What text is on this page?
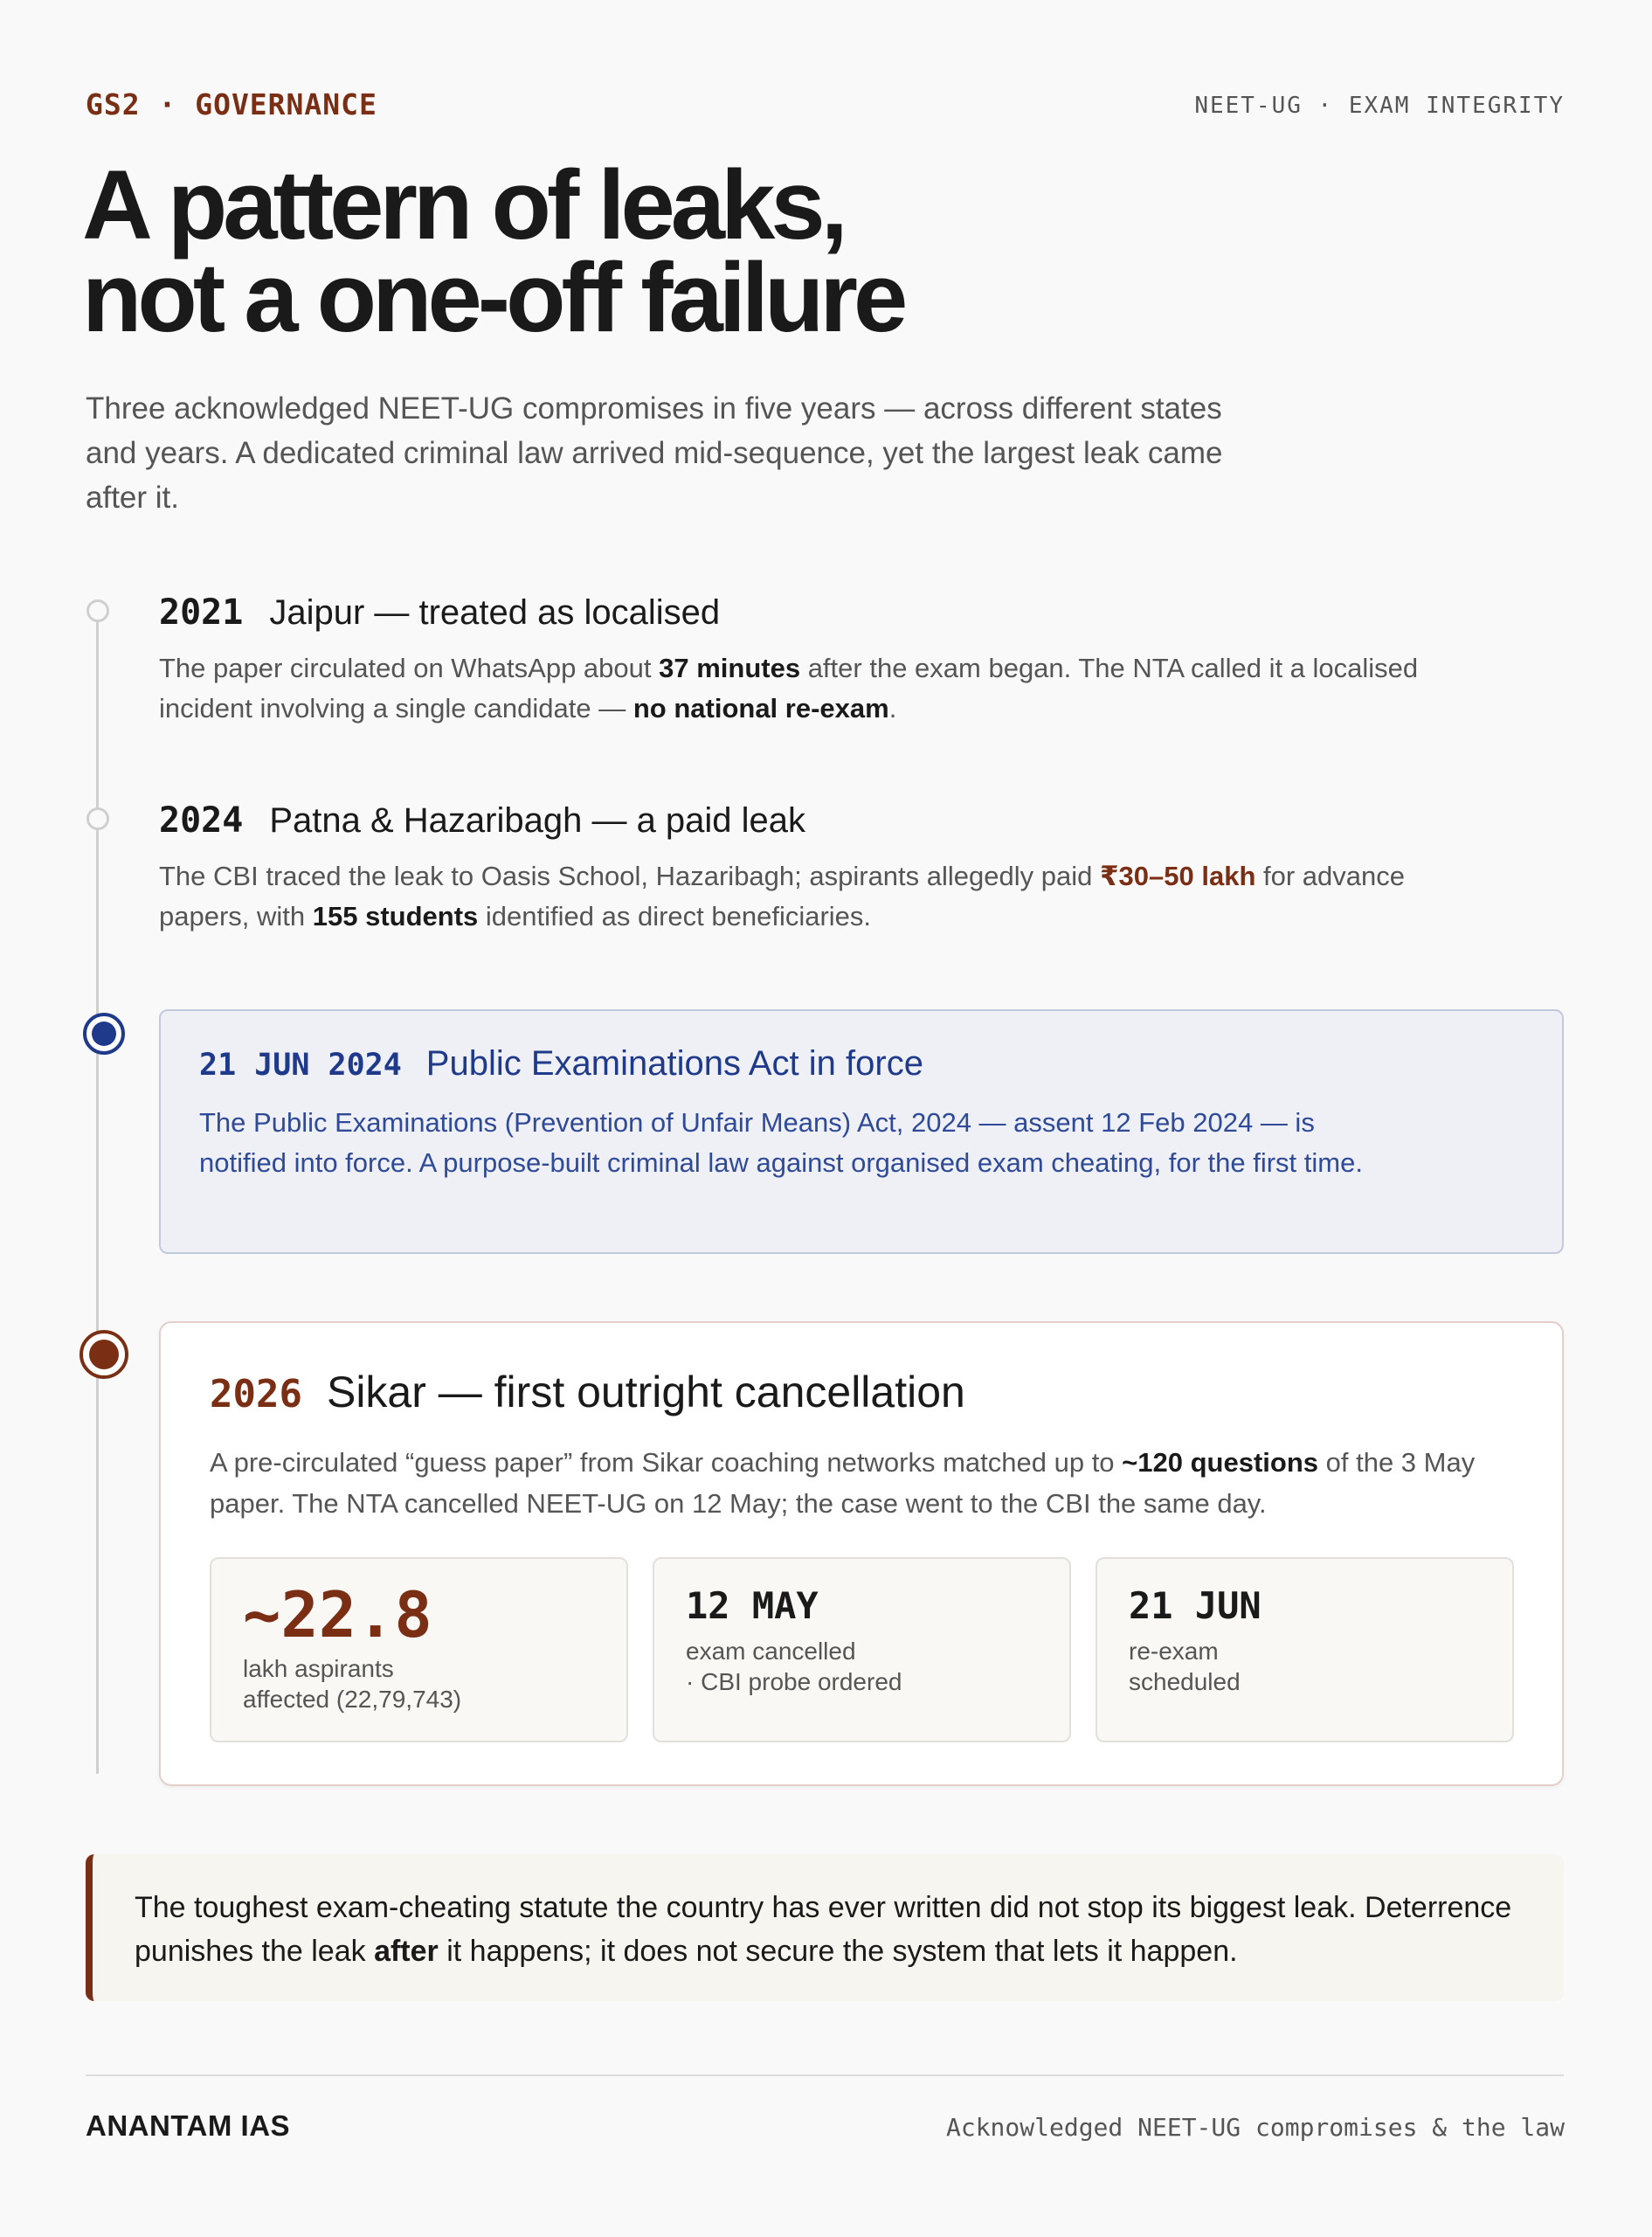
GS2 · GOVERNANCE	NEET-UG · EXAM INTEGRITY
A pattern of leaks,
not a one-off failure
Three acknowledged NEET-UG compromises in five years — across different states and years. A dedicated criminal law arrived mid-sequence, yet the largest leak came after it.
2021 Jaipur — treated as localised
The paper circulated on WhatsApp about 37 minutes after the exam began. The NTA called it a localised incident involving a single candidate — no national re-exam.
2024 Patna & Hazaribagh — a paid leak
The CBI traced the leak to Oasis School, Hazaribagh; aspirants allegedly paid ₹30–50 lakh for advance papers, with 155 students identified as direct beneficiaries.
21 JUN 2024 Public Examinations Act in force
The Public Examinations (Prevention of Unfair Means) Act, 2024 — assent 12 Feb 2024 — is notified into force. A purpose-built criminal law against organised exam cheating, for the first time.
2026 Sikar — first outright cancellation
A pre-circulated “guess paper” from Sikar coaching networks matched up to ~120 questions of the 3 May paper. The NTA cancelled NEET-UG on 12 May; the case went to the CBI the same day.
~22.8
lakh aspirants
affected (22,79,743)
12 MAY
exam cancelled
· CBI probe ordered
21 JUN
re-exam
scheduled
The toughest exam-cheating statute the country has ever written did not stop its biggest leak. Deterrence punishes the leak after it happens; it does not secure the system that lets it happen.
ANANTAM IAS	Acknowledged NEET-UG compromises & the law
